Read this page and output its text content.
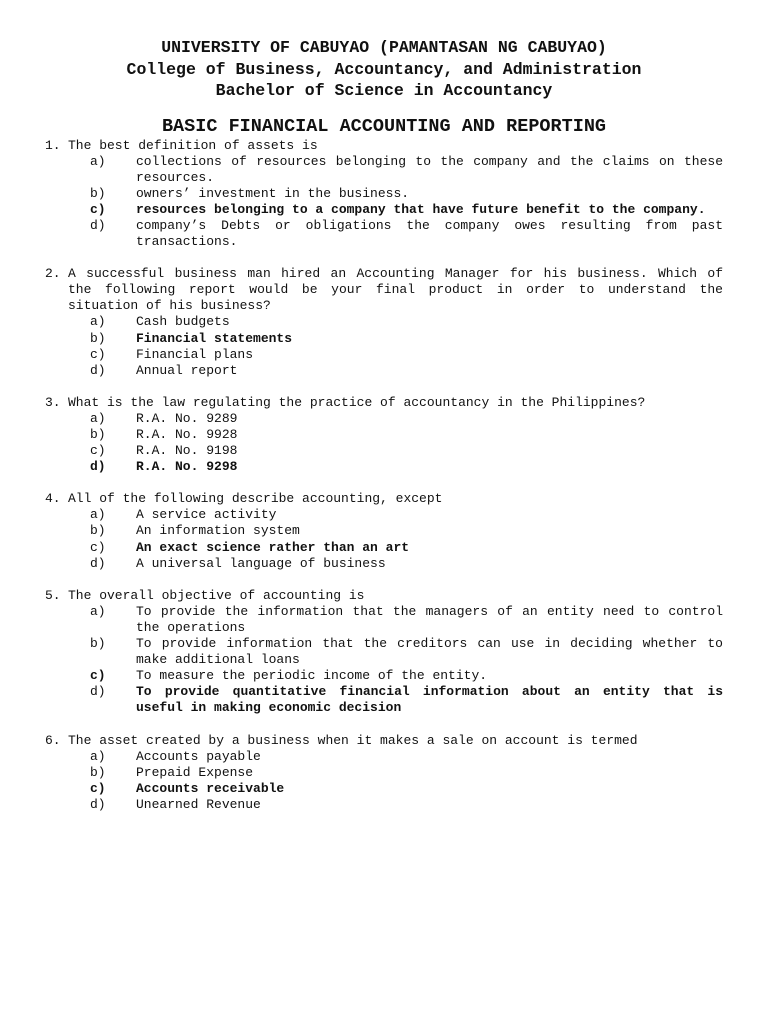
UNIVERSITY OF CABUYAO (PAMANTASAN NG CABUYAO)
College of Business, Accountancy, and Administration
Bachelor of Science in Accountancy
BASIC FINANCIAL ACCOUNTING AND REPORTING
1. The best definition of assets is
a)	collections of resources belonging to the company and the claims on these resources.
b)	owners’ investment in the business.
c)	resources belonging to a company that have future benefit to the company.
d)	company’s Debts or obligations the company owes resulting from past transactions.
2. A successful business man hired an Accounting Manager for his business. Which of the following report would be your final product in order to understand the situation of his business?
a)	Cash budgets
b)	Financial statements
c)	Financial plans
d)	Annual report
3. What is the law regulating the practice of accountancy in the Philippines?
a)	R.A. No. 9289
b)	R.A. No. 9928
c)	R.A. No. 9198
d)	R.A. No. 9298
4. All of the following describe accounting, except
a)	A service activity
b)	An information system
c)	An exact science rather than an art
d)	A universal language of business
5. The overall objective of accounting is
a)	To provide the information that the managers of an entity need to control the operations
b)	To provide information that the creditors can use in deciding whether to make additional loans
c)	To measure the periodic income of the entity.
d)	To provide quantitative financial information about an entity that is useful in making economic decision
6. The asset created by a business when it makes a sale on account is termed
a)	Accounts payable
b)	Prepaid Expense
c)	Accounts receivable
d)	Unearned Revenue
